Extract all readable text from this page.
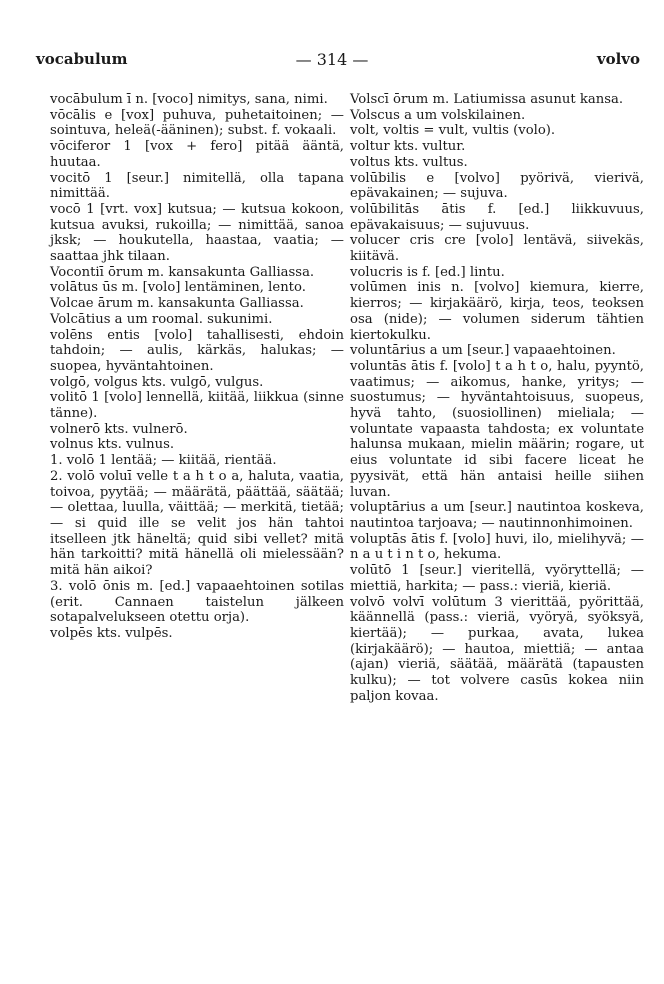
vocabulum	— 314 —	volvo

vocābulum ī n. [voco] nimitys, sana, nimi.

vōcālis e [vox] puhuva, puhetaitoinen; — sointuva, heleä(-ääninen); subst. f. vokaali.

vōciferor 1 [vox + fero] pitää ääntä, huutaa.

vocitō 1 [seur.] nimitellä, olla tapana nimittää.

vocō 1 [vrt. vox] kutsua; — kutsua kokoon, kutsua avuksi, rukoilla; — nimittää, sanoa jksk; — houkutella, haastaa, vaatia; — saattaa jhk tilaan.

Vocontiī ōrum m. kansakunta Galliassa.

volātus ūs m. [volo] lentäminen, lento.

Volcae ārum m. kansakunta Galliassa.

Volcātius a um roomal. sukunimi.

volēns entis [volo] tahallisesti, ehdoin tahdoin; — aulis, kärkäs, halukas; — suopea, hyväntahtoinen.

volgō, volgus kts. vulgō, vulgus.

volitō 1 [volo] lennellä, kiitää, liikkua (sinne tänne).

volnerō kts. vulnerō.

volnus kts. vulnus.

1. volō 1 lentää; — kiitää, rientää.

2. volō voluī velle t a h t o a, haluta, vaatia, toivoa, pyytää; — määrätä, päättää, säätää; — olettaa, luulla, väittää; — merkitä, tietää; — si quid ille se velit jos hän tahtoi itselleen jtk häneltä; quid sibi vellet? mitä hän tarkoitti? mitä hänellä oli mielessään? mitä hän aikoi?

3. volō ōnis m. [ed.] vapaaehtoinen sotilas (erit. Cannaen taistelun jälkeen sotapalvelukseen otettu orja).

volpēs kts. vulpēs.

Volscī ōrum m. Latiumissa asunut kansa.

Volscus a um volskilainen.

volt, voltis = vult, vultis (volo).

voltur kts. vultur.

voltus kts. vultus.

volūbilis e [volvo] pyörivä, vierivä, epävakainen; — sujuva.

volūbilitās ātis f. [ed.] liikkuvuus, epävakaisuus; — sujuvuus.

volucer cris cre [volo] lentävä, siivekäs, kiitävä.

volucris is f. [ed.] lintu.

volūmen inis n. [volvo] kiemura, kierre, kierros; — kirjakäärö, kirja, teos, teoksen osa (nide); — volumen siderum tähtien kiertokulku.

voluntārius a um [seur.] vapaaehtoinen.

voluntās ātis f. [volo] t a h t o, halu, pyyntö, vaatimus; — aikomus, hanke, yritys; — suostumus; — hyväntahtoisuus, suopeus, hyvä tahto, (suosiollinen) mieliala; — voluntate vapaasta tahdosta; ex voluntate halunsa mukaan, mielin määrin; rogare, ut eius voluntate id sibi facere liceat he pyysivät, että hän antaisi heille siihen luvan.

voluptārius a um [seur.] nautintoa koskeva, nautintoa tarjoava; — nautinnonhimoinen.

voluptās ātis f. [volo] huvi, ilo, mielihyvä; — n a u t i n t o, hekuma.

volūtō 1 [seur.] vieritellä, vyöryttellä; — miettiä, harkita; — pass.: vieriä, kieriä.

volvō volvī volūtum 3 vierittää, pyörittää, käännellä (pass.: vieriä, vyöryä, syöksyä, kiertää); — purkaa, avata, lukea (kirjakäärö); — hautoa, miettiä; — antaa (ajan) vieriä, säätää, määrätä (tapausten kulku); — tot volvere casūs kokea niin paljon kovaa.
